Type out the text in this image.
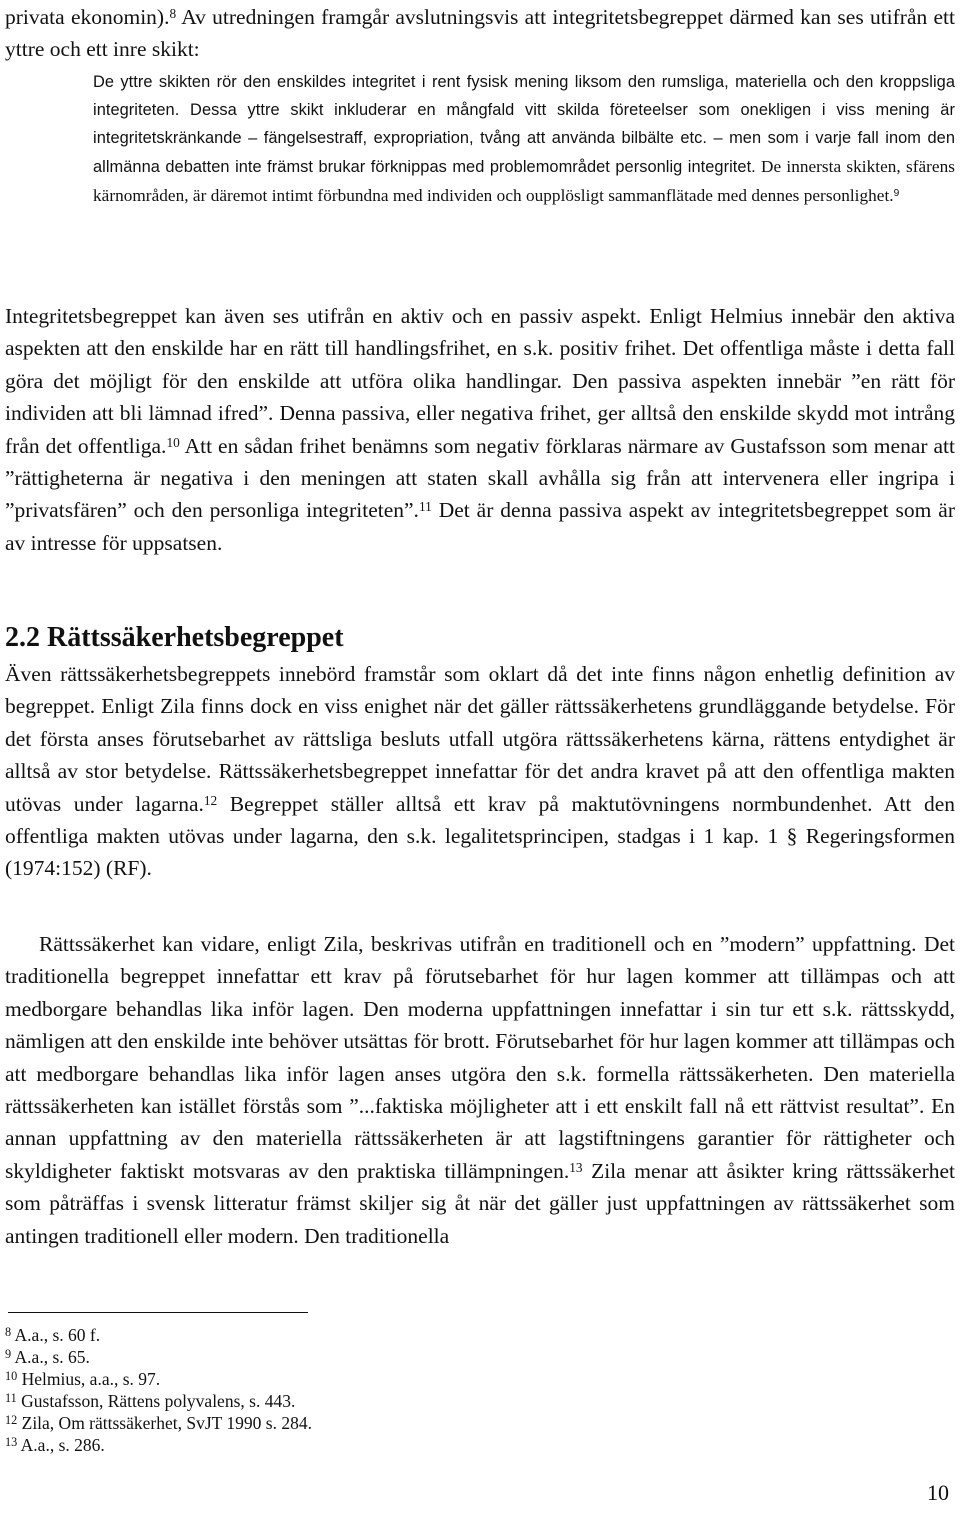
privata ekonomin).$^8$ Av utredningen framgår avslutningsvis att integritetsbegreppet därmed kan ses utifrån ett yttre och ett inre skikt:

De yttre skikten rör den enskildes integritet i rent fysisk mening liksom den rumsliga, materiella och den kroppsliga integriteten. Dessa yttre skikt inkluderar en mångfald vitt skilda företeelser som onekligen i viss mening är integritetskränkande – fängelsestraff, expropriation, tvång att använda bilbälte etc. – men som i varje fall inom den allmänna debatten inte främst brukar förknippas med problemområdet personlig integritet. De innersta skikten, sfärens kärnområden, är däremot intimt förbundna med individen och oupplösligt sammanflätade med dennes personlighet.$^9$

Integritetsbegreppet kan även ses utifrån en aktiv och en passiv aspekt. Enligt Helmius innebär den aktiva aspekten att den enskilde har en rätt till handlingsfrihet, en s.k. positiv frihet. Det offentliga måste i detta fall göra det möjligt för den enskilde att utföra olika handlingar. Den passiva aspekten innebär ”en rätt för individen att bli lämnad ifred”. Denna passiva, eller negativa frihet, ger alltså den enskilde skydd mot intrång från det offentliga.$^{10}$ Att en sådan frihet benämns som negativ förklaras närmare av Gustafsson som menar att ”rättigheterna är negativa i den meningen att staten skall avhålla sig från att intervenera eller ingripa i ”privatsfären” och den personliga integriteten”.$^{11}$ Det är denna passiva aspekt av integritetsbegreppet som är av intresse för uppsatsen.

2.2 Rättssäkerhetsbegreppet

Även rättssäkerhetsbegreppets innebörd framstår som oklart då det inte finns någon enhetlig definition av begreppet. Enligt Zila finns dock en viss enighet när det gäller rättssäkerhetens grundläggande betydelse. För det första anses förutsebarhet av rättsliga besluts utfall utgöra rättssäkerhetens kärna, rättens entydighet är alltså av stor betydelse. Rättssäkerhetsbegreppet innefattar för det andra kravet på att den offentliga makten utövas under lagarna.$^{12}$ Begreppet ställer alltså ett krav på maktutövningens normbundenhet. Att den offentliga makten utövas under lagarna, den s.k. legalitetsprincipen, stadgas i 1 kap. 1 § Regeringsformen (1974:152) (RF).

Rättssäkerhet kan vidare, enligt Zila, beskrivas utifrån en traditionell och en ”modern” uppfattning. Det traditionella begreppet innefattar ett krav på förutsebarhet för hur lagen kommer att tillämpas och att medborgare behandlas lika inför lagen. Den moderna uppfattningen innefattar i sin tur ett s.k. rättsskydd, nämligen att den enskilde inte behöver utsättas för brott. Förutsebarhet för hur lagen kommer att tillämpas och att medborgare behandlas lika inför lagen anses utgöra den s.k. formella rättssäkerheten. Den materiella rättssäkerheten kan istället förstås som ”...faktiska möjligheter att i ett enskilt fall nå ett rättvist resultat”. En annan uppfattning av den materiella rättssäkerheten är att lagstiftningens garantier för rättigheter och skyldigheter faktiskt motsvaras av den praktiska tillämpningen.$^{13}$ Zila menar att åsikter kring rättssäkerhet som påträffas i svensk litteratur främst skiljer sig åt när det gäller just uppfattningen av rättssäkerhet som antingen traditionell eller modern. Den traditionella

$^8$ A.a., s. 60 f.

$^9$ A.a., s. 65.

$^{10}$ Helmius, a.a., s. 97.

$^{11}$ Gustafsson, Rättens polyvalens, s. 443.

$^{12}$ Zila, Om rättssäkerhet, SvJT 1990 s. 284.

$^{13}$ A.a., s. 286.

10
